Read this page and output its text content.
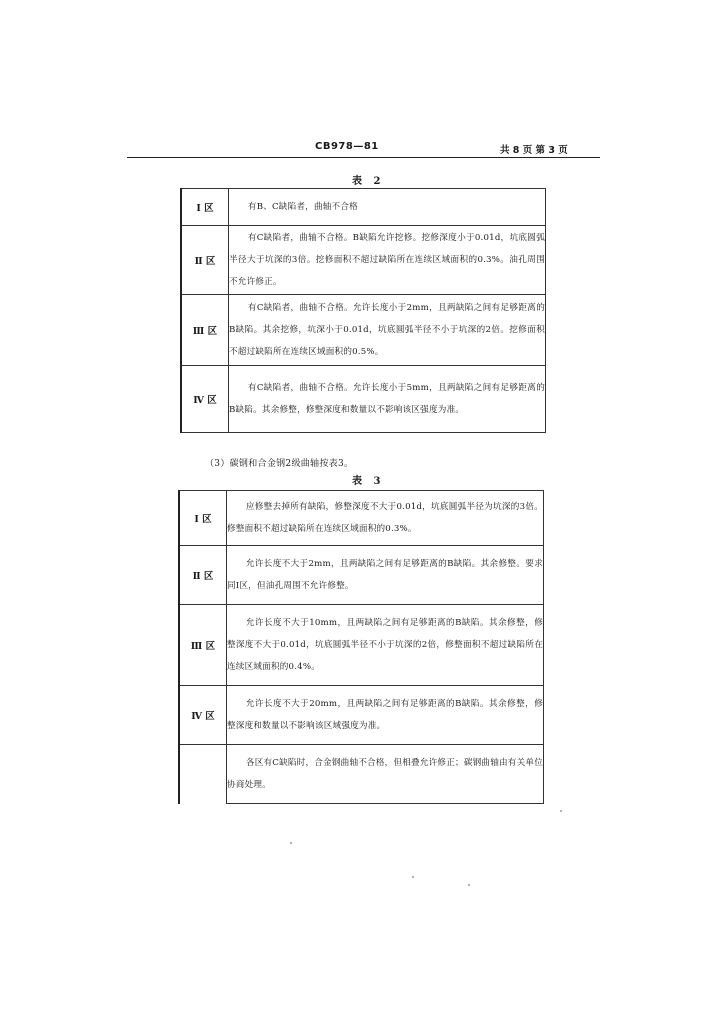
CB978—81	共 8 页 第 3 页
表 2
Ⅰ 区	有B、C缺陷者，曲轴不合格
Ⅱ 区	有C缺陷者，曲轴不合格。B缺陷允许挖修。挖修深度小于0.01d，坑底圆弧半径大于坑深的3倍。挖修面积不超过缺陷所在连续区域面积的0.3%。油孔周围不允许修正。
Ⅲ 区	有C缺陷者，曲轴不合格。允许长度小于2mm，且两缺陷之间有足够距离的B缺陷。其余挖修，坑深小于0.01d，坑底圆弧半径不小于坑深的2倍。挖修面积不超过缺陷所在连续区域面积的0.5%。
Ⅳ 区	有C缺陷者，曲轴不合格。允许长度小于5mm，且两缺陷之间有足够距离的B缺陷。其余修整，修整深度和数量以不影响该区强度为准。
（3）碳钢和合金钢2级曲轴按表3。
表 3
Ⅰ 区	应修整去掉所有缺陷，修整深度不大于0.01d，坑底圆弧半径为坑深的3倍。修整面积不超过缺陷所在连续区域面积的0.3%。
Ⅱ 区	允许长度不大于2mm，且两缺陷之间有足够距离的B缺陷。其余修整。要求同Ⅰ区，但油孔周围不允许修整。
Ⅲ 区	允许长度不大于10mm，且两缺陷之间有足够距离的B缺陷。其余修整，修整深度不大于0.01d，坑底圆弧半径不小于坑深的2倍，修整面积不超过缺陷所在连续区域面积的0.4%。
Ⅳ 区	允许长度不大于20mm，且两缺陷之间有足够距离的B缺陷。其余修整，修整深度和数量以不影响该区域强度为准。
	各区有C缺陷时，合金钢曲轴不合格，但相叠允许修正；碳钢曲轴由有关单位协商处理。
